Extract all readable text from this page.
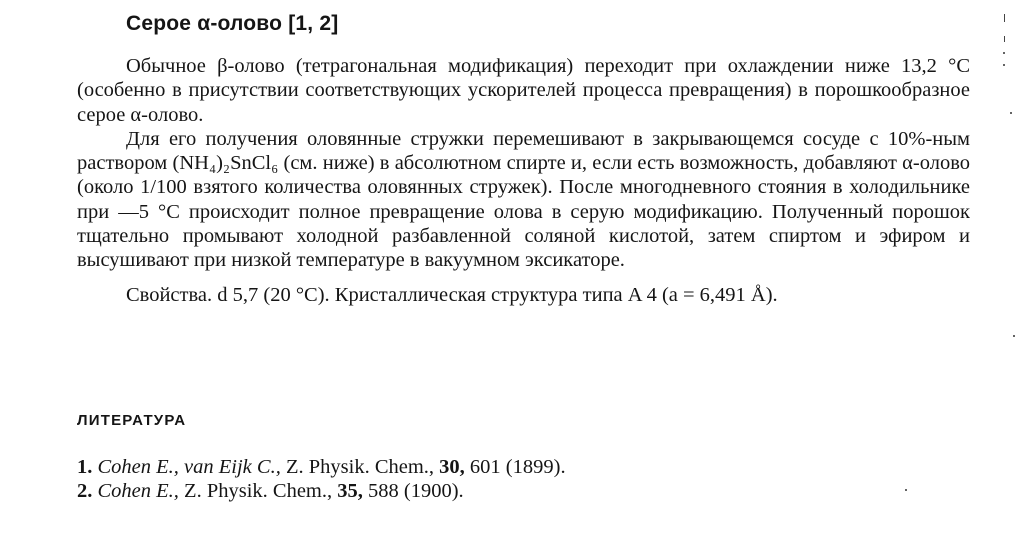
Серое α-олово [1, 2]

Обычное β-олово (тетрагональная модификация) переходит при охлаждении ниже 13,2 °C (особенно в присутствии соответствующих ускорителей процесса превращения) в порошкообразное серое α-олово.

Для его получения оловянные стружки перемешивают в закрывающемся сосуде с 10%-ным раствором (NH₄)₂SnCl₆ (см. ниже) в абсолютном спирте и, если есть возможность, добавляют α-олово (около 1/100 взятого количества оловянных стружек). После многодневного стояния в холодильнике при —5 °C происходит полное превращение олова в серую модификацию. Полученный порошок тщательно промывают холодной разбавленной соляной кислотой, затем спиртом и эфиром и высушивают при низкой температуре в вакуумном эксикаторе.

Свойства. d 5,7 (20 °C). Кристаллическая структура типа A 4 (a = 6,491 Å).

ЛИТЕРАТУРА
1. Cohen E., van Eijk C., Z. Physik. Chem., 30, 601 (1899).
2. Cohen E., Z. Physik. Chem., 35, 588 (1900).
